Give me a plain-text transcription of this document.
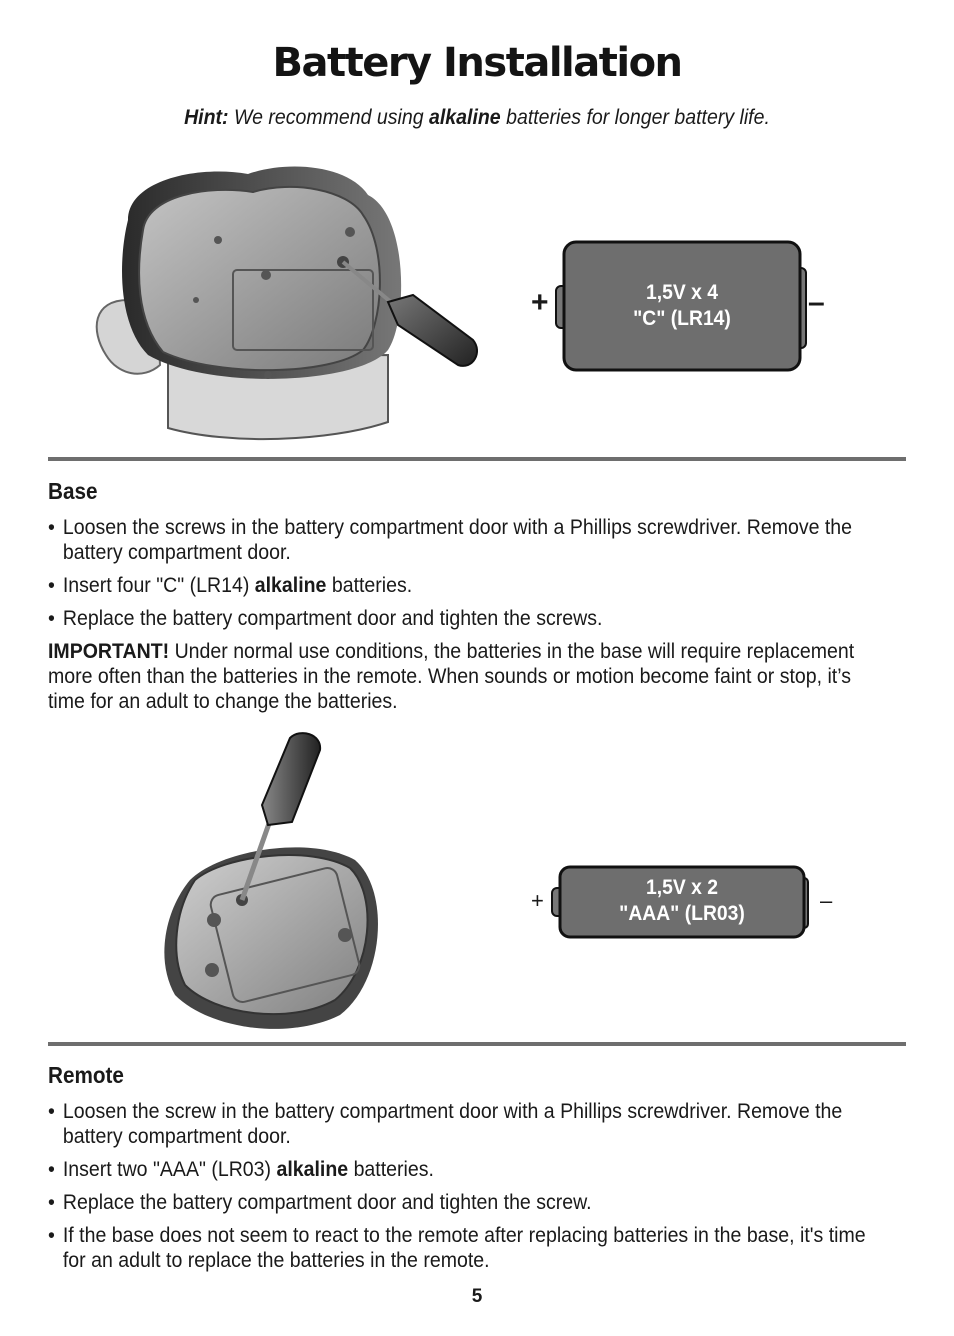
Battery Installation
Hint: We recommend using alkaline batteries for longer battery life.
1,5V x 4
"C" (LR14)
+	–
Base

• Loosen the screws in the battery compartment door with a Phillips screwdriver. Remove the battery compartment door.

• Insert four "C" (LR14) alkaline batteries.

• Replace the battery compartment door and tighten the screws.

IMPORTANT! Under normal use conditions, the batteries in the base will require replacement more often than the batteries in the remote. When sounds or motion become faint or stop, it’s time for an adult to change the batteries.

1,5V x 2
"AAA" (LR03)
+	–
Remote

• Loosen the screw in the battery compartment door with a Phillips screwdriver. Remove the battery compartment door.

• Insert two "AAA" (LR03) alkaline batteries.

• Replace the battery compartment door and tighten the screw.

• If the base does not seem to react to the remote after replacing batteries in the base, it's time for an adult to replace the batteries in the remote.

5
